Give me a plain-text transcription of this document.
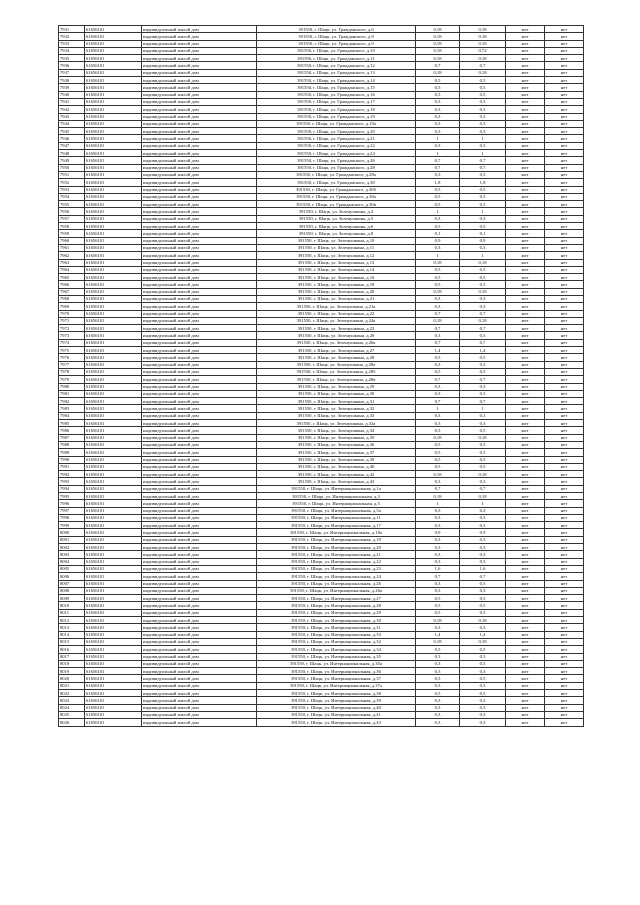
7931	61656101	индивидуальный жилой дом	391550, г. Шацк, ул. Гражданского, д.6	0,18	0,18	жет	нет
7932	61656101	индивидуальный жилой дом	391550, г. Шацк, ул. Гражданского, д.8	0,18	0,18	жет	нет
7933	61656101	индивидуальный жилой дом	391550, г. Шацк, ул. Гражданского, д.9	0,18	0,18	жет	нет
7934	61656101	индивидуальный жилой дом	391550, г. Шацк, ул. Гражданского, д.10	0,18	0,72	жет	нет
7935	61656101	индивидуальный жилой дом	391550, г. Шацк, ул. Гражданского, д.11	0,18	0,18	жет	нет
7936	61656101	индивидуальный жилой дом	391550, г. Шацк, ул. Гражданского, д.12	0,7	0,7	жет	нет
7937	61656101	индивидуальный жилой дом	391550, г. Шацк, ул. Гражданского, д.13	0,18	0,18	жет	нет
7938	61656101	индивидуальный жилой дом	391550, г. Шацк, ул. Гражданского, д.14	0,5	0,5	жет	нет
7939	61656101	индивидуальный жилой дом	391550, г. Шацк, ул. Гражданского, д.15	0,5	0,5	жет	нет
7940	61656101	индивидуальный жилой дом	391550, г. Шацк, ул. Гражданского, д.16	0,5	0,5	жет	нет
7941	61656101	индивидуальный жилой дом	391550, г. Шацк, ул. Гражданского, д.17	0,3	0,3	жет	нет
7942	61656101	индивидуальный жилой дом	391550, г. Шацк, ул. Гражданского, д.18	0,3	0,3	жет	нет
7943	61656101	индивидуальный жилой дом	391550, г. Шацк, ул. Гражданского, д.19	0,3	0,3	жет	нет
7944	61656101	индивидуальный жилой дом	391550, г. Шацк, ул. Гражданского, д.19а	0,3	0,3	жет	нет
7945	61656101	индивидуальный жилой дом	391550, г. Шацк, ул. Гражданского, д.20	0,3	0,3	жет	нет
7946	61656101	индивидуальный жилой дом	391550, г. Шацк, ул. Гражданского, д.21	1	1	жет	нет
7947	61656101	индивидуальный жилой дом	391550, г. Шацк, ул. Гражданского, д.22	0,3	0,3	жет	нет
7948	61656101	индивидуальный жилой дом	391550, г. Шацк, ул. Гражданского, д.24	1	1	жет	нет
7949	61656101	индивидуальный жилой дом	391550, г. Шацк, ул. Гражданского, д.26	0,7	0,7	жет	нет
7950	61656101	индивидуальный жилой дом	391550, г. Шацк, ул. Гражданского, д.28	0,7	0,7	жет	нет
7951	61656101	индивидуальный жилой дом	391550, г. Шацк, ул. Гражданского, д.28а	0,3	0,3	жет	нет
7952	61656101	индивидуальный жилой дом	391550, г. Шацк, ул. Гражданского, д.30	1,8	1,8	жет	нет
7953	61656101	индивидуальный жилой дом	391550, г. Шацк, ул. Гражданского, д.30б	0,5	0,5	жет	нет
7954	61656101	индивидуальный жилой дом	391550, г. Шацк, ул. Гражданского, д.30а	0,5	0,5	жет	нет
7955	61656101	индивидуальный жилой дом	391550, г. Шацк, ул. Гражданского, д.30в	0,5	0,5	жет	нет
7956	61656101	индивидуальный жилой дом	391550, г. Шацк, ул. Зеленушкина, д.4	1	1	жет	нет
7957	61656101	индивидуальный жилой дом	391550, г. Шацк, ул. Зеленушкина, д.5	0,3	0,3	жет	нет
7958	61656101	индивидуальный жилой дом	391550, г. Шацк, ул. Зеленушкина, д.6	0,5	0,5	жет	нет
7959	61656101	индивидуальный жилой дом	391550, г. Шацк, ул. Зеленушкина, д.8	0,1	0,1	жет	нет
7960	61656101	индивидуальный жилой дом	391550, г. Шацк, ул. Зеленушкина, д.10	0,9	0,9	жет	нет
7961	61656101	индивидуальный жилой дом	391550, г. Шацк, ул. Зеленушкина, д.11	0,3	0,3	жет	нет
7962	61656101	индивидуальный жилой дом	391550, г. Шацк, ул. Зеленушкина, д.12	1	1	жет	нет
7963	61656101	индивидуальный жилой дом	391550, г. Шацк, ул. Зеленушкина, д.13	0,18	0,18	жет	нет
7964	61656101	индивидуальный жилой дом	391550, г. Шацк, ул. Зеленушкина, д.14	0,5	0,5	жет	нет
7965	61656101	индивидуальный жилой дом	391550, г. Шацк, ул. Зеленушкина, д.16	0,5	0,5	жет	нет
7966	61656101	индивидуальный жилой дом	391550, г. Шацк, ул. Зеленушкина, д.18	0,5	0,5	жет	нет
7967	61656101	индивидуальный жилой дом	391550, г. Шацк, ул. Зеленушкина, д.20	0,18	0,18	жет	нет
7968	61656101	индивидуальный жилой дом	391550, г. Шацк, ул. Зеленушкина, д.21	0,3	0,3	жет	нет
7969	61656101	индивидуальный жилой дом	391550, г. Шацк, ул. Зеленушкина, д.21а	0,3	0,3	жет	нет
7970	61656101	индивидуальный жилой дом	391550, г. Шацк, ул. Зеленушкина, д.22	0,7	0,7	жет	нет
7971	61656101	индивидуальный жилой дом	391550, г. Шацк, ул. Зеленушкина, д.24а	0,18	0,18	жет	нет
7972	61656101	индивидуальный жилой дом	391550, г. Шацк, ул. Зеленушкина, д.23	0,7	0,7	жет	нет
7973	61656101	индивидуальный жилой дом	391550, г. Шацк, ул. Зеленушкина, д.26	0,3	0,3	жет	нет
7974	61656101	индивидуальный жилой дом	391550, г. Шацк, ул. Зеленушкина, д.26а	0,7	0,7	жет	нет
7975	61656101	индивидуальный жилой дом	391550, г. Шацк, ул. Зеленушкина, д.27	1,4	1,4	жет	нет
7976	61656101	индивидуальный жилой дом	391550, г. Шацк, ул. Зеленушкина, д.28	0,5	0,5	жет	нет
7977	61656101	индивидуальный жилой дом	391550, г. Шацк, ул. Зеленушкина, д.28а	0,3	0,3	жет	нет
7978	61656101	индивидуальный жилой дом	391550, г. Шацк, ул. Зеленушкина, д.28б	0,5	0,5	жет	нет
7979	61656101	индивидуальный жилой дом	391550, г. Шацк, ул. Зеленушкина, д.28в	0,7	0,7	жет	нет
7980	61656101	индивидуальный жилой дом	391550, г. Шацк, ул. Зеленушкина, д.29	0,3	0,3	жет	нет
7981	61656101	индивидуальный жилой дом	391550, г. Шацк, ул. Зеленушкина, д.30	0,3	0,3	жет	нет
7982	61656101	индивидуальный жилой дом	391550, г. Шацк, ул. Зеленушкина, д.31	0,7	0,7	жет	нет
7983	61656101	индивидуальный жилой дом	391550, г. Шацк, ул. Зеленушкина, д.32	1	1	жет	нет
7984	61656101	индивидуальный жилой дом	391550, г. Шацк, ул. Зеленушкина, д.33	0,3	0,3	жет	нет
7985	61656101	индивидуальный жилой дом	391550, г. Шацк, ул. Зеленушкина, д.33а	0,3	0,3	жет	нет
7986	61656101	индивидуальный жилой дом	391550, г. Шацк, ул. Зеленушкина, д.34	0,5	0,5	жет	нет
7987	61656101	индивидуальный жилой дом	391550, г. Шацк, ул. Зеленушкина, д.35	0,18	0,18	жет	нет
7988	61656101	индивидуальный жилой дом	391550, г. Шацк, ул. Зеленушкина, д.36	0,5	0,5	жет	нет
7989	61656101	индивидуальный жилой дом	391550, г. Шацк, ул. Зеленушкина, д.37	0,5	0,5	жет	нет
7990	61656101	индивидуальный жилой дом	391550, г. Шацк, ул. Зеленушкина, д.39	0,5	0,5	жет	нет
7991	61656101	индивидуальный жилой дом	391550, г. Шацк, ул. Зеленушкина, д.40	0,5	0,5	жет	нет
7992	61656101	индивидуальный жилой дом	391550, г. Шацк, ул. Зеленушкина, д.42	0,18	0,18	жет	нет
7993	61656101	индивидуальный жилой дом	391550, г. Шацк, ул. Зеленушкина, д.43	0,3	0,3	жет	нет
7994	61656101	индивидуальный жилой дом	391550, г. Шацк, ул. Интернациональная, д.1а	0,7	0,7	жет	нет
7995	61656101	индивидуальный жилой дом	391550, г. Шацк, ул. Интернациональная, д.3	0,18	0,18	жет	нет
7996	61656101	индивидуальный жилой дом	391550, г. Шацк, ул. Интернациональная, д.5	1	1	жет	нет
7997	61656101	индивидуальный жилой дом	391550, г. Шацк, ул. Интернациональная, д.5а	0,3	0,3	жет	нет
7998	61656101	индивидуальный жилой дом	391550, г. Шацк, ул. Интернациональная, д.11	0,3	0,3	жет	нет
7999	61656101	индивидуальный жилой дом	391550, г. Шацк, ул. Интернациональная, д.17	0,3	0,3	жет	нет
8000	61656101	индивидуальный жилой дом	391550, г. Шацк, ул. Интернациональная, д.18а	0,9	0,9	жет	нет
8001	61656101	индивидуальный жилой дом	391550, г. Шацк, ул. Интернациональная, д.19	0,3	0,3	жет	нет
8002	61656101	индивидуальный жилой дом	391550, г. Шацк, ул. Интернациональная, д.20	0,3	0,3	жет	нет
8003	61656101	индивидуальный жилой дом	391550, г. Шацк, ул. Интернациональная, д.21	0,3	0,3	жет	нет
8004	61656101	индивидуальный жилой дом	391550, г. Шацк, ул. Интернациональная, д.22	0,3	0,3	жет	нет
8005	61656101	индивидуальный жилой дом	391550, г. Шацк, ул. Интернациональная, д.23	1,6	1,6	жет	нет
8006	61656101	индивидуальный жилой дом	391550, г. Шацк, ул. Интернациональная, д.24	0,7	0,7	жет	нет
8007	61656101	индивидуальный жилой дом	391550, г. Шацк, ул. Интернациональная, д.26	0,3	0,3	жет	нет
8008	61656101	индивидуальный жилой дом	391550, г. Шацк, ул. Интернациональная, д.26а	0,3	0,3	жет	нет
8009	61656101	индивидуальный жилой дом	391550, г. Шацк, ул. Интернациональная, д.27	0,5	0,5	жет	нет
8010	61656101	индивидуальный жилой дом	391550, г. Шацк, ул. Интернациональная, д.28	0,5	0,5	жет	нет
8011	61656101	индивидуальный жилой дом	391550, г. Шацк, ул. Интернациональная, д.29	0,5	0,5	жет	нет
8012	61656101	индивидуальный жилой дом	391550, г. Шацк, ул. Интернациональная, д.30	0,18	0,18	жет	нет
8013	61656101	индивидуальный жилой дом	391550, г. Шацк, ул. Интернациональная, д.31	0,3	0,3	жет	нет
8014	61656101	индивидуальный жилой дом	391550, г. Шацк, ул. Интернациональная, д.33	1,4	1,4	жет	нет
8015	61656101	индивидуальный жилой дом	391550, г. Шацк, ул. Интернациональная, д.32	0,18	0,18	жет	нет
8016	61656101	индивидуальный жилой дом	391550, г. Шацк, ул. Интернациональная, д.34	0,5	0,5	жет	нет
8017	61656101	индивидуальный жилой дом	391550, г. Шацк, ул. Интернациональная, д.35	0,3	0,3	жет	нет
8018	61656101	индивидуальный жилой дом	391550, г. Шацк, ул. Интернациональная, д.35а	0,3	0,3	жет	нет
8019	61656101	индивидуальный жилой дом	391550, г. Шацк, ул. Интернациональная, д.36	0,3	0,3	жет	нет
8020	61656101	индивидуальный жилой дом	391550, г. Шацк, ул. Интернациональная, д.37	0,5	0,5	жет	нет
8021	61656101	индивидуальный жилой дом	391550, г. Шацк, ул. Интернациональная, д.37а	0,3	0,3	жет	нет
8022	61656101	индивидуальный жилой дом	391550, г. Шацк, ул. Интернациональная, д.38	0,5	0,5	жет	нет
8023	61656101	индивидуальный жилой дом	391550, г. Шацк, ул. Интернациональная, д.39	0,3	0,3	жет	нет
8024	61656101	индивидуальный жилой дом	391550, г. Шацк, ул. Интернациональная, д.40	0,3	0,3	жет	нет
8025	61656101	индивидуальный жилой дом	391550, г. Шацк, ул. Интернациональная, д.41	0,3	0,3	жет	нет
8026	61656101	индивидуальный жилой дом	391550, г. Шацк, ул. Интернациональная, д.43	0,3	0,3	жет	нет
